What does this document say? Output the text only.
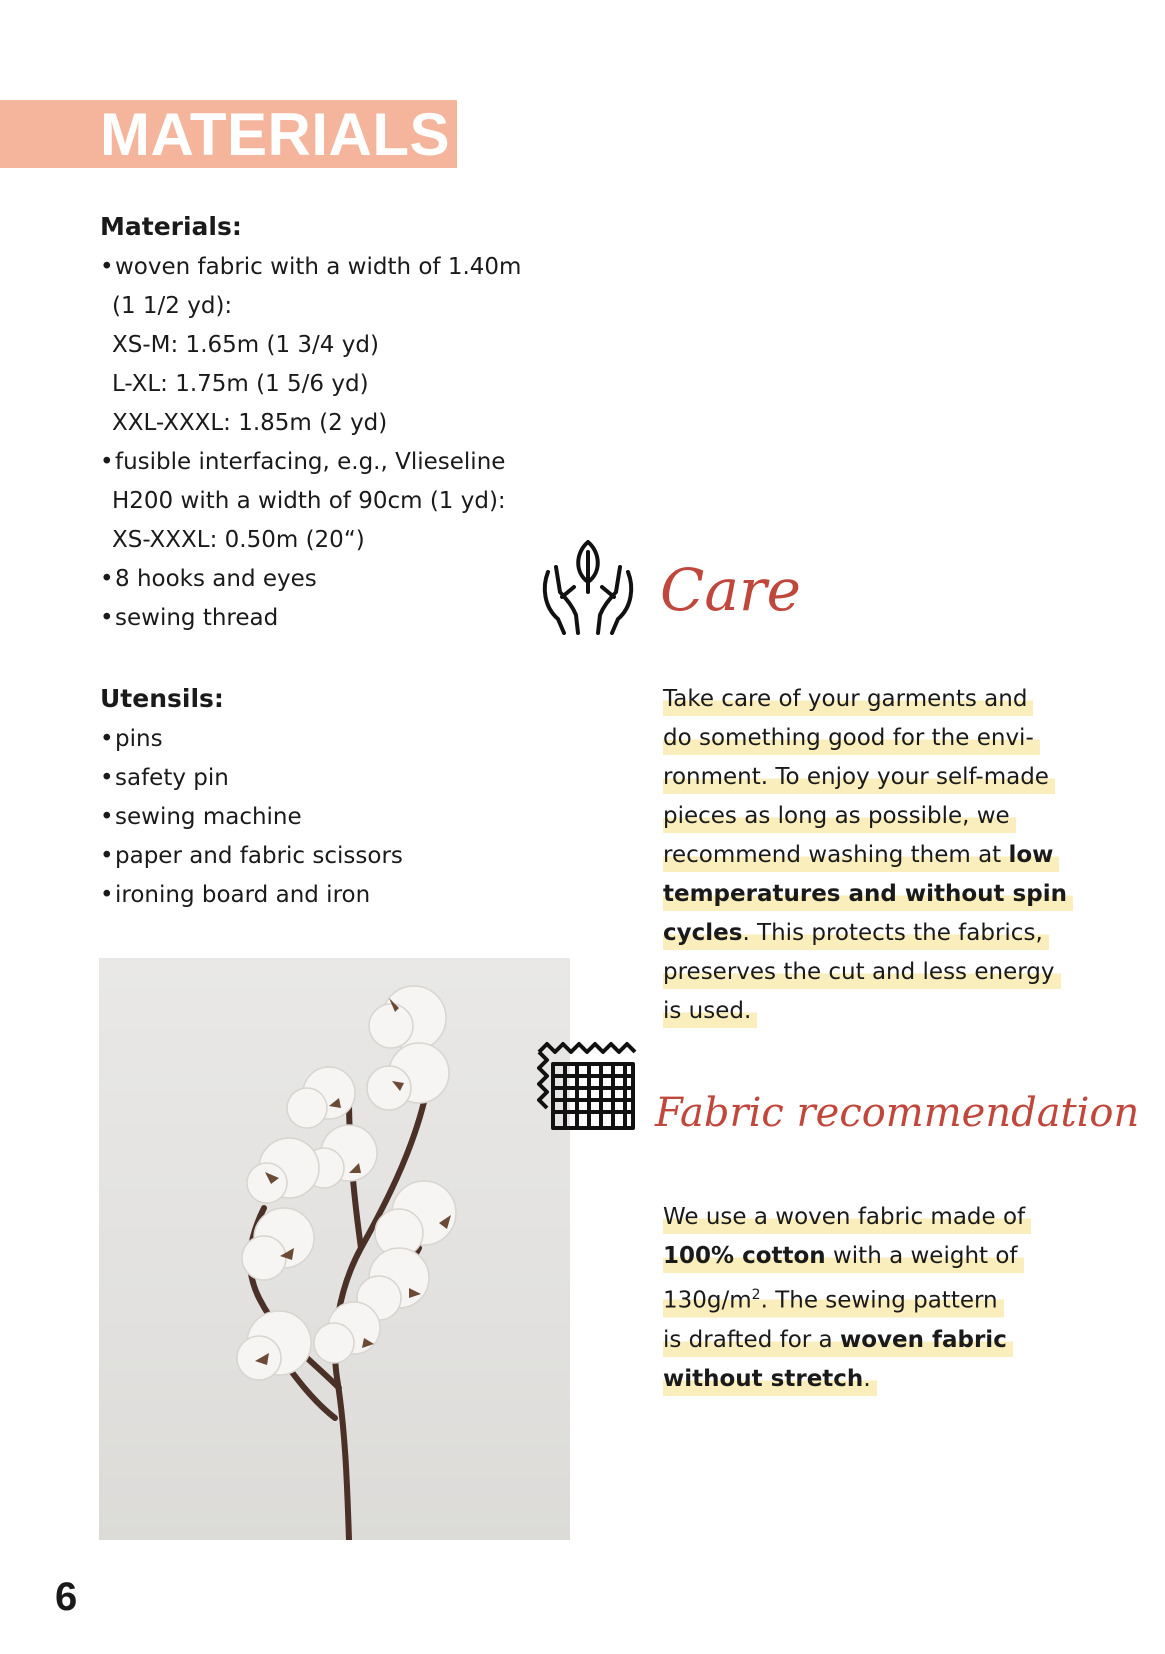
MATERIALS

Materials:

• woven fabric with a width of 1.40m
(1 1/2 yd):
XS-M: 1.65m (1 3/4 yd)
L-XL: 1.75m (1 5/6 yd)
XXL-XXXL: 1.85m (2 yd)
• fusible interfacing, e.g., Vlieseline
H200 with a width of 90cm (1 yd):
XS-XXXL: 0.50m (20“)
• 8 hooks and eyes
• sewing thread

Utensils:

• pins
• safety pin
• sewing machine
• paper and fabric scissors
• ironing board and iron
Care

Take care of your garments and
do something good for the envi-
ronment. To enjoy your self-made
pieces as long as possible, we
recommend washing them at low
temperatures and without spin
cycles. This protects the fabrics,
preserves the cut and less energy
is used.

Fabric recommendation

We use a woven fabric made of
100% cotton with a weight of
$130g/m^2$. The sewing pattern
is drafted for a woven fabric
without stretch.

6
